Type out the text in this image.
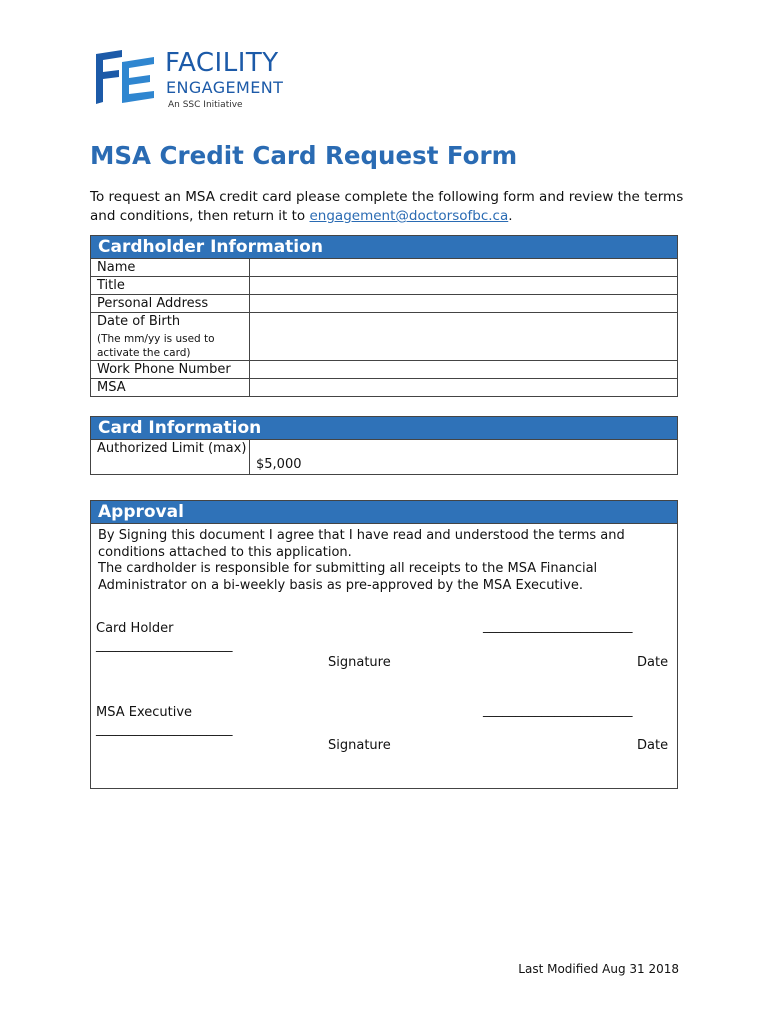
FACILITY
ENGAGEMENT
An SSC Initiative
MSA Credit Card Request Form
To request an MSA credit card please complete the following form and review the terms and conditions, then return it to engagement@doctorsofbc.ca.
Cardholder Information
Name	
Title	
Personal Address	
Date of Birth
(The mm/yy is used to activate the card)	

Work Phone Number	
MSA	
Card Information
Authorized Limit (max)	$5,000
Approval
By Signing this document I agree that I have read and understood the terms and conditions attached to this application.
The cardholder is responsible for submitting all receipts to the MSA Financial Administrator on a bi-weekly basis as pre-approved by the MSA Executive.
Card Holder	_______________________
_____________________
Signature	Date
MSA Executive	_______________________
_____________________
Signature	Date
Last Modified Aug 31 2018
